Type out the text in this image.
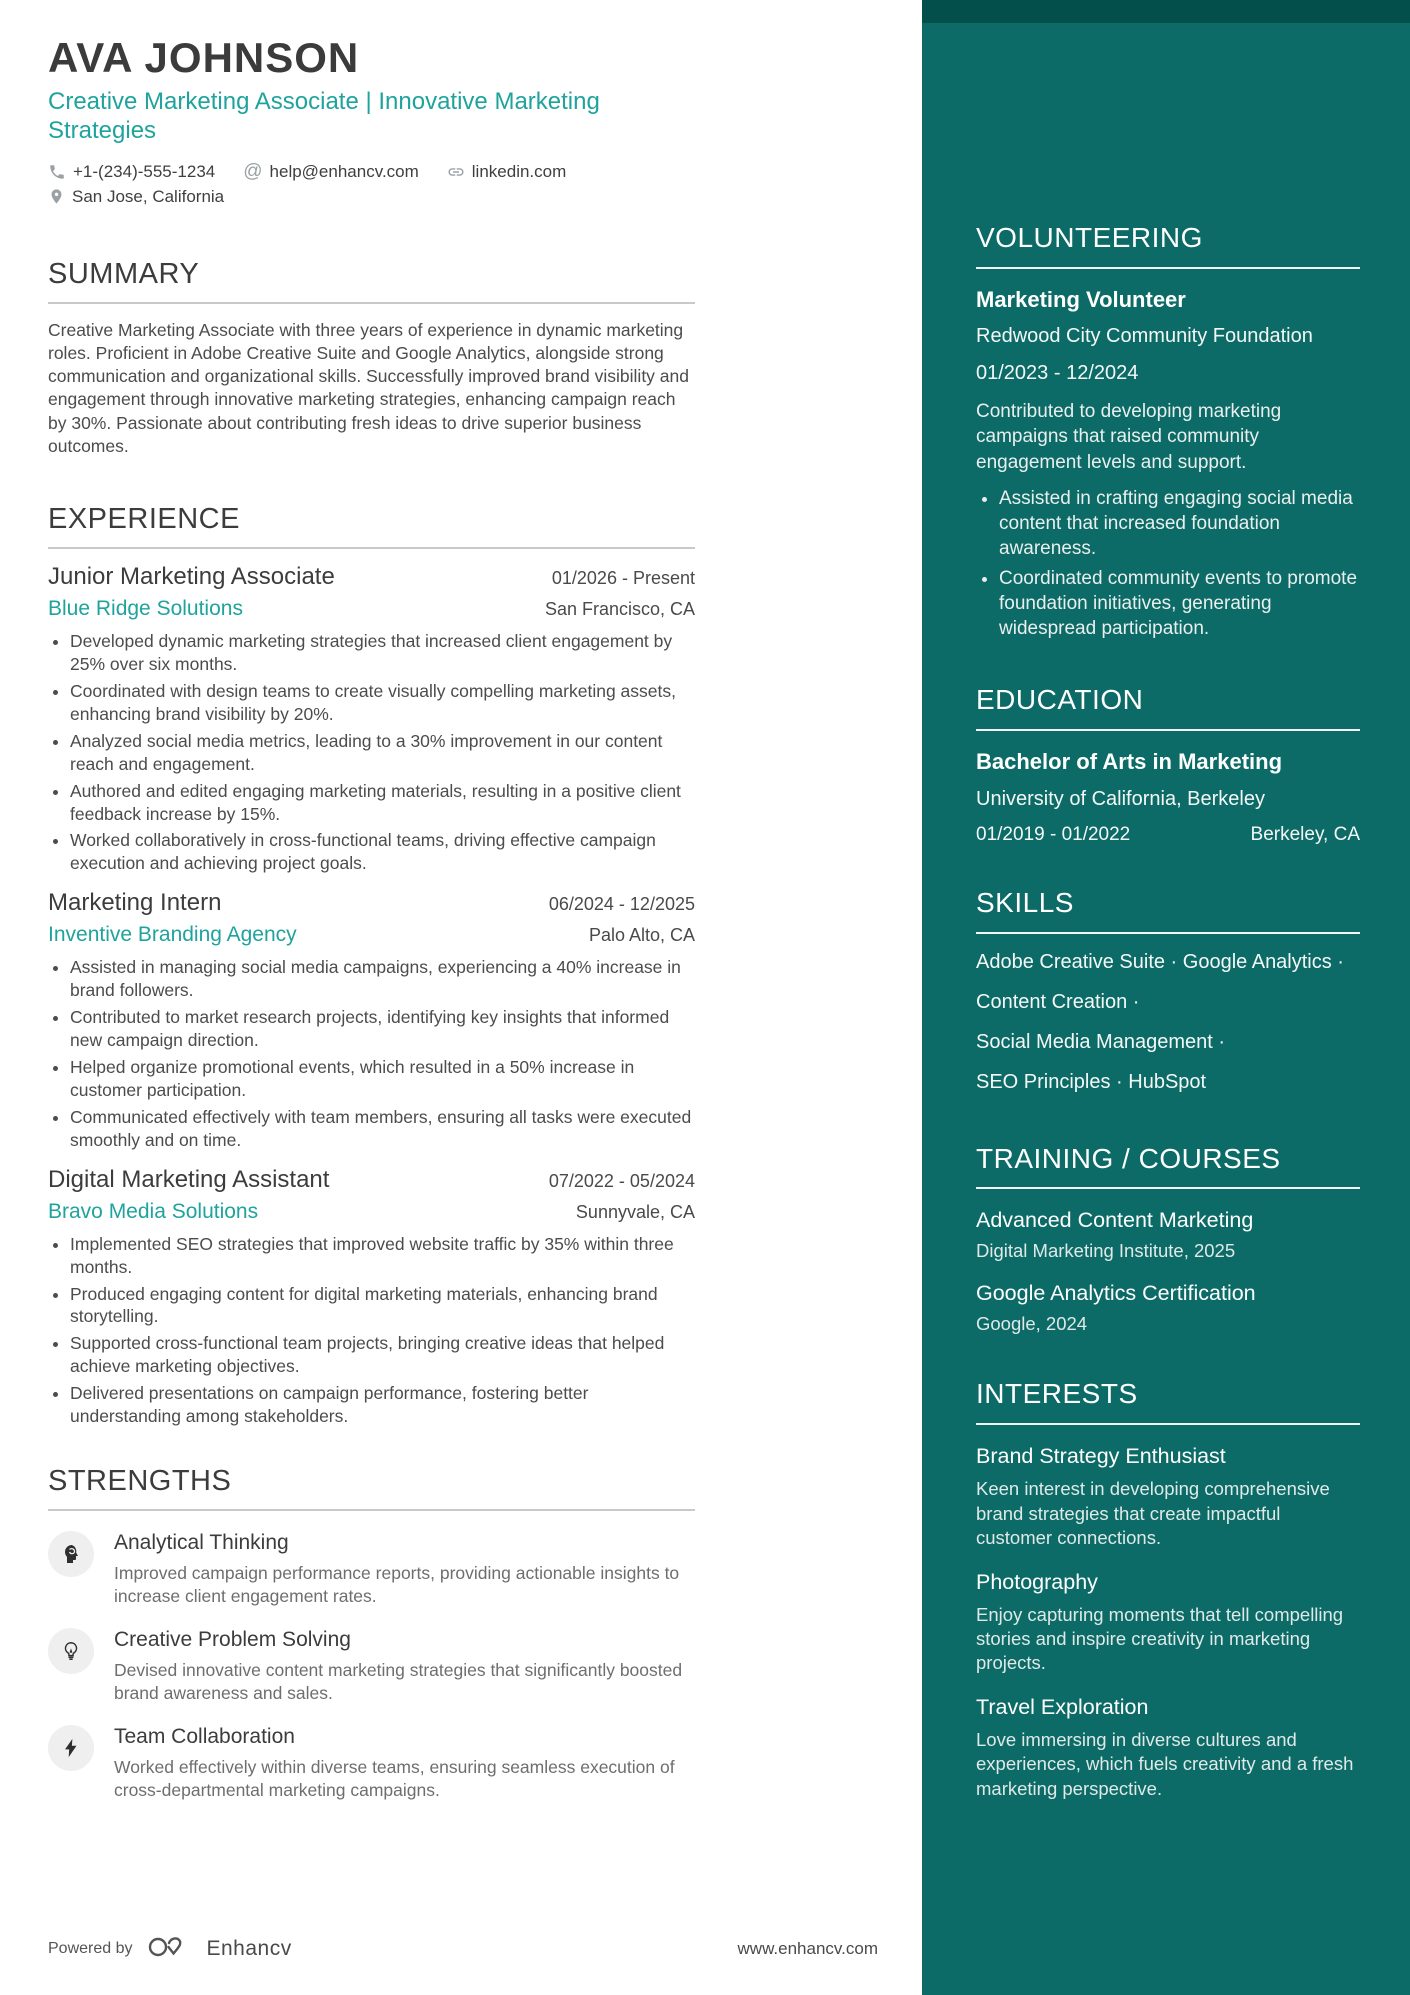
AVA JOHNSON
Creative Marketing Associate | Innovative Marketing Strategies
+1-(234)-555-1234 @ help@enhancv.com	linkedin.com
San Jose, California
SUMMARY
Creative Marketing Associate with three years of experience in dynamic marketing roles. Proficient in Adobe Creative Suite and Google Analytics, alongside strong communication and organizational skills. Successfully improved brand visibility and engagement through innovative marketing strategies, enhancing campaign reach by 30%. Passionate about contributing fresh ideas to drive superior business outcomes.
EXPERIENCE
Junior Marketing Associate	01/2026 - Present
Blue Ridge Solutions	San Francisco, CA
• Developed dynamic marketing strategies that increased client engagement by 25% over six months.
• Coordinated with design teams to create visually compelling marketing assets, enhancing brand visibility by 20%.
• Analyzed social media metrics, leading to a 30% improvement in our content reach and engagement.
• Authored and edited engaging marketing materials, resulting in a positive client feedback increase by 15%.
• Worked collaboratively in cross-functional teams, driving effective campaign execution and achieving project goals.
Marketing Intern	06/2024 - 12/2025
Inventive Branding Agency	Palo Alto, CA
• Assisted in managing social media campaigns, experiencing a 40% increase in brand followers.
• Contributed to market research projects, identifying key insights that informed new campaign direction.
• Helped organize promotional events, which resulted in a 50% increase in customer participation.
• Communicated effectively with team members, ensuring all tasks were executed smoothly and on time.
Digital Marketing Assistant	07/2022 - 05/2024
Bravo Media Solutions	Sunnyvale, CA
• Implemented SEO strategies that improved website traffic by 35% within three months.
• Produced engaging content for digital marketing materials, enhancing brand storytelling.
• Supported cross-functional team projects, bringing creative ideas that helped achieve marketing objectives.
• Delivered presentations on campaign performance, fostering better understanding among stakeholders.
STRENGTHS
Analytical Thinking
Improved campaign performance reports, providing actionable insights to increase client engagement rates.
Creative Problem Solving
Devised innovative content marketing strategies that significantly boosted brand awareness and sales.
Team Collaboration
Worked effectively within diverse teams, ensuring seamless execution of cross-departmental marketing campaigns.
Powered by	Enhancv	www.enhancv.com
VOLUNTEERING
Marketing Volunteer
Redwood City Community Foundation
01/2023 - 12/2024
Contributed to developing marketing campaigns that raised community engagement levels and support.
• Assisted in crafting engaging social media content that increased foundation awareness.
• Coordinated community events to promote foundation initiatives, generating widespread participation.
EDUCATION
Bachelor of Arts in Marketing
University of California, Berkeley
01/2019 - 01/2022	Berkeley, CA
SKILLS
Adobe Creative Suite · Google Analytics ·
Content Creation ·
Social Media Management ·
SEO Principles · HubSpot
TRAINING / COURSES
Advanced Content Marketing
Digital Marketing Institute, 2025
Google Analytics Certification
Google, 2024
INTERESTS
Brand Strategy Enthusiast
Keen interest in developing comprehensive brand strategies that create impactful customer connections.
Photography
Enjoy capturing moments that tell compelling stories and inspire creativity in marketing projects.
Travel Exploration
Love immersing in diverse cultures and experiences, which fuels creativity and a fresh marketing perspective.
